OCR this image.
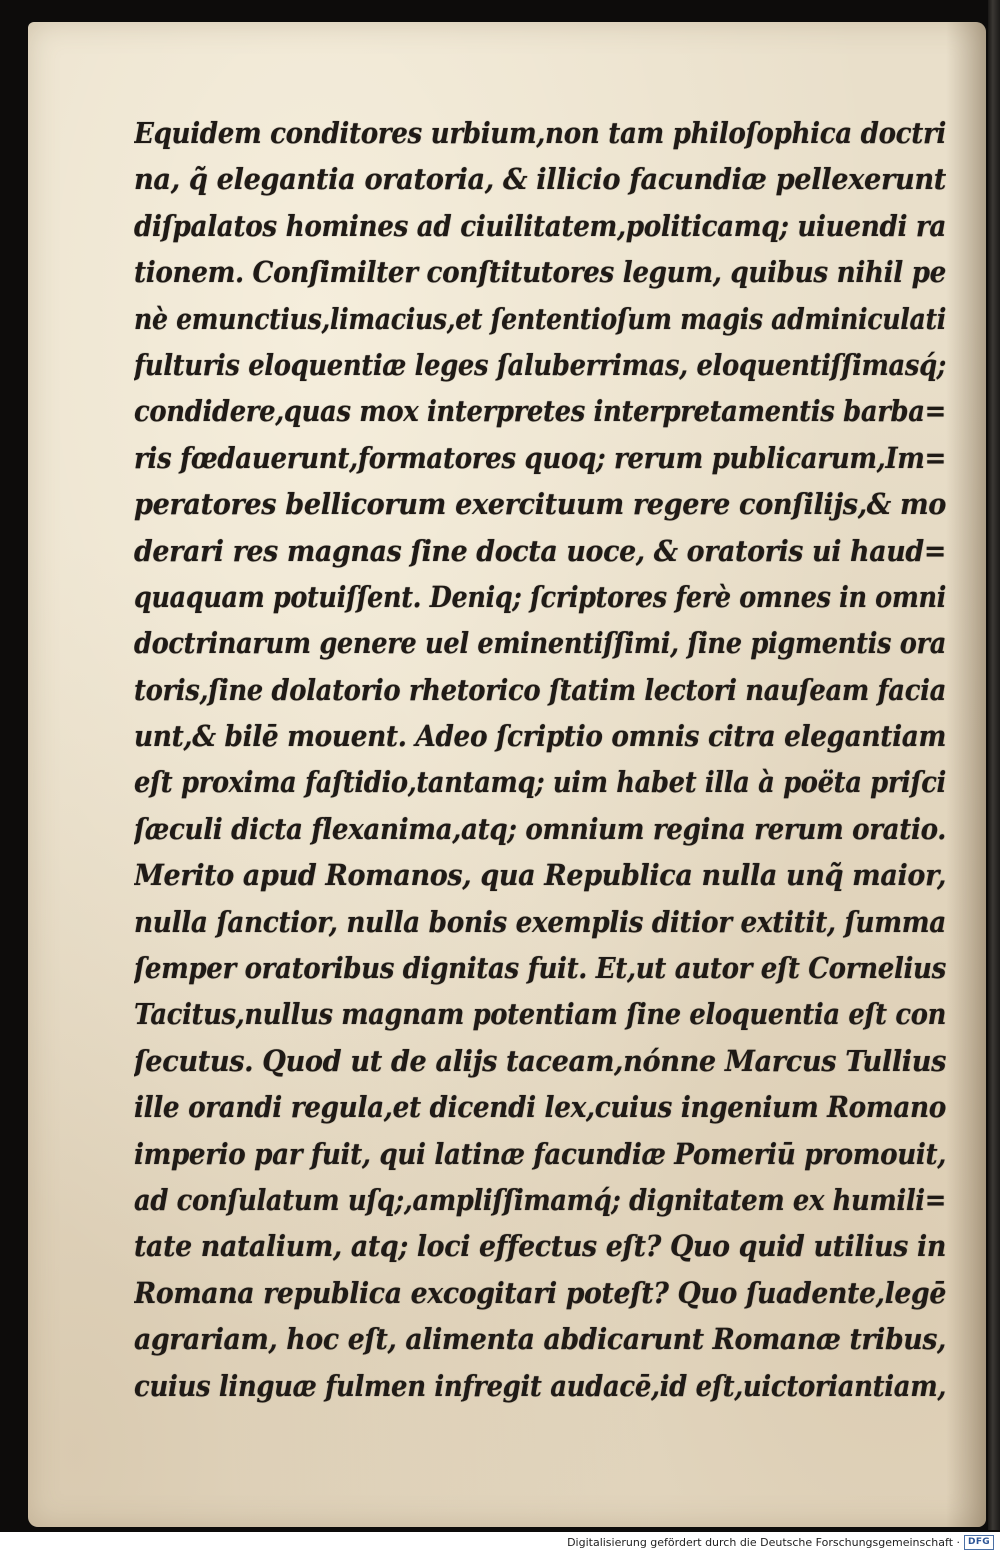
Equidem conditores urbium,non tam philoſophica doctri
na, q̃ elegantia oratoria, & illicio facundiæ pellexerunt
diſpalatos homines ad ciuilitatem,politicamq; uiuendi ra
tionem. Conſimilter conſtitutores legum, quibus nihil pe
nè emunctius,limacius,et ſententioſum magis adminiculati
fulturis eloquentiæ leges ſaluberrimas, eloquentiſſimasq́;
condidere,quas mox interpretes interpretamentis barba=
ris fœdauerunt,formatores quoq; rerum publicarum,Im=
peratores bellicorum exercituum regere conſilijs,& mo
derari res magnas ſine docta uoce, & oratoris ui haud=
quaquam potuiſſent. Deniq; ſcriptores ferè omnes in omni
doctrinarum genere uel eminentiſſimi, ſine pigmentis ora
toris,ſine dolatorio rhetorico ſtatim lectori nauſeam facia
unt,& bilē mouent. Adeo ſcriptio omnis citra elegantiam
eſt proxima faſtidio,tantamq; uim habet illa à poëta priſci
ſæculi dicta flexanima,atq; omnium regina rerum oratio.
Merito apud Romanos, qua Republica nulla unq̃ maior,
nulla ſanctior, nulla bonis exemplis ditior extitit, ſumma
ſemper oratoribus dignitas fuit. Et,ut autor eſt Cornelius
Tacitus,nullus magnam potentiam ſine eloquentia eſt con
ſecutus. Quod ut de alijs taceam,nónne Marcus Tullius
ille orandi regula,et dicendi lex,cuius ingenium Romano
imperio par fuit, qui latinæ facundiæ Pomeriū promouit,
ad conſulatum uſq;,ampliſſimamq́; dignitatem ex humili=
tate natalium, atq; loci effectus eſt? Quo quid utilius in
Romana republica excogitari poteſt? Quo ſuadente,legē
agrariam, hoc eſt, alimenta abdicarunt Romanæ tribus,
cuius linguæ fulmen infregit audacē,id eſt,uictoriantiam,
Digitalisierung gefördert durch die Deutsche Forschungsgemeinschaft · DFG
